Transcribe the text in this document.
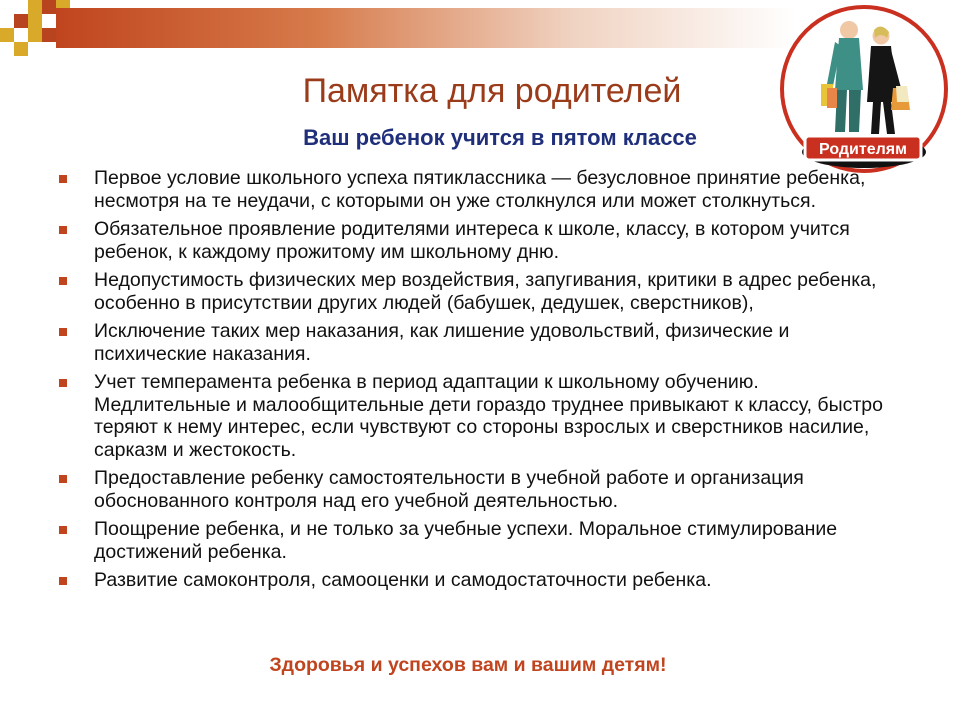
Родителям
Памятка для родителей
Ваш ребенок учится в пятом классе
Первое условие школьного успеха пятиклассника — безусловное принятие ребенка, несмотря на те неудачи, с которыми он уже столкнулся или может столкнуться.
Обязательное проявление родителями интереса к школе, классу, в котором учится ребенок, к каждому прожитому им школьному дню.
Недопустимость физических мер воздействия, запугивания, критики в адрес ребенка, особенно в присутствии других людей (бабушек, дедушек, сверстников),
Исключение таких мер наказания, как лишение удовольствий, физические и психические наказания.
Учет темперамента ребенка в период адаптации к школьному обучению. Медлительные и малообщительные дети гораздо труднее привыкают к классу, быстро теряют к нему интерес, если чувствуют со стороны взрослых и сверстников насилие, сарказм и жестокость.
Предоставление ребенку самостоятельности в учебной работе и организация обоснованного контроля над его учебной деятельностью.
Поощрение ребенка, и не только за учебные успехи. Моральное стимулирование достижений ребенка.
Развитие самоконтроля, самооценки и самодостаточности ребенка.
Здоровья и успехов вам и вашим детям!
